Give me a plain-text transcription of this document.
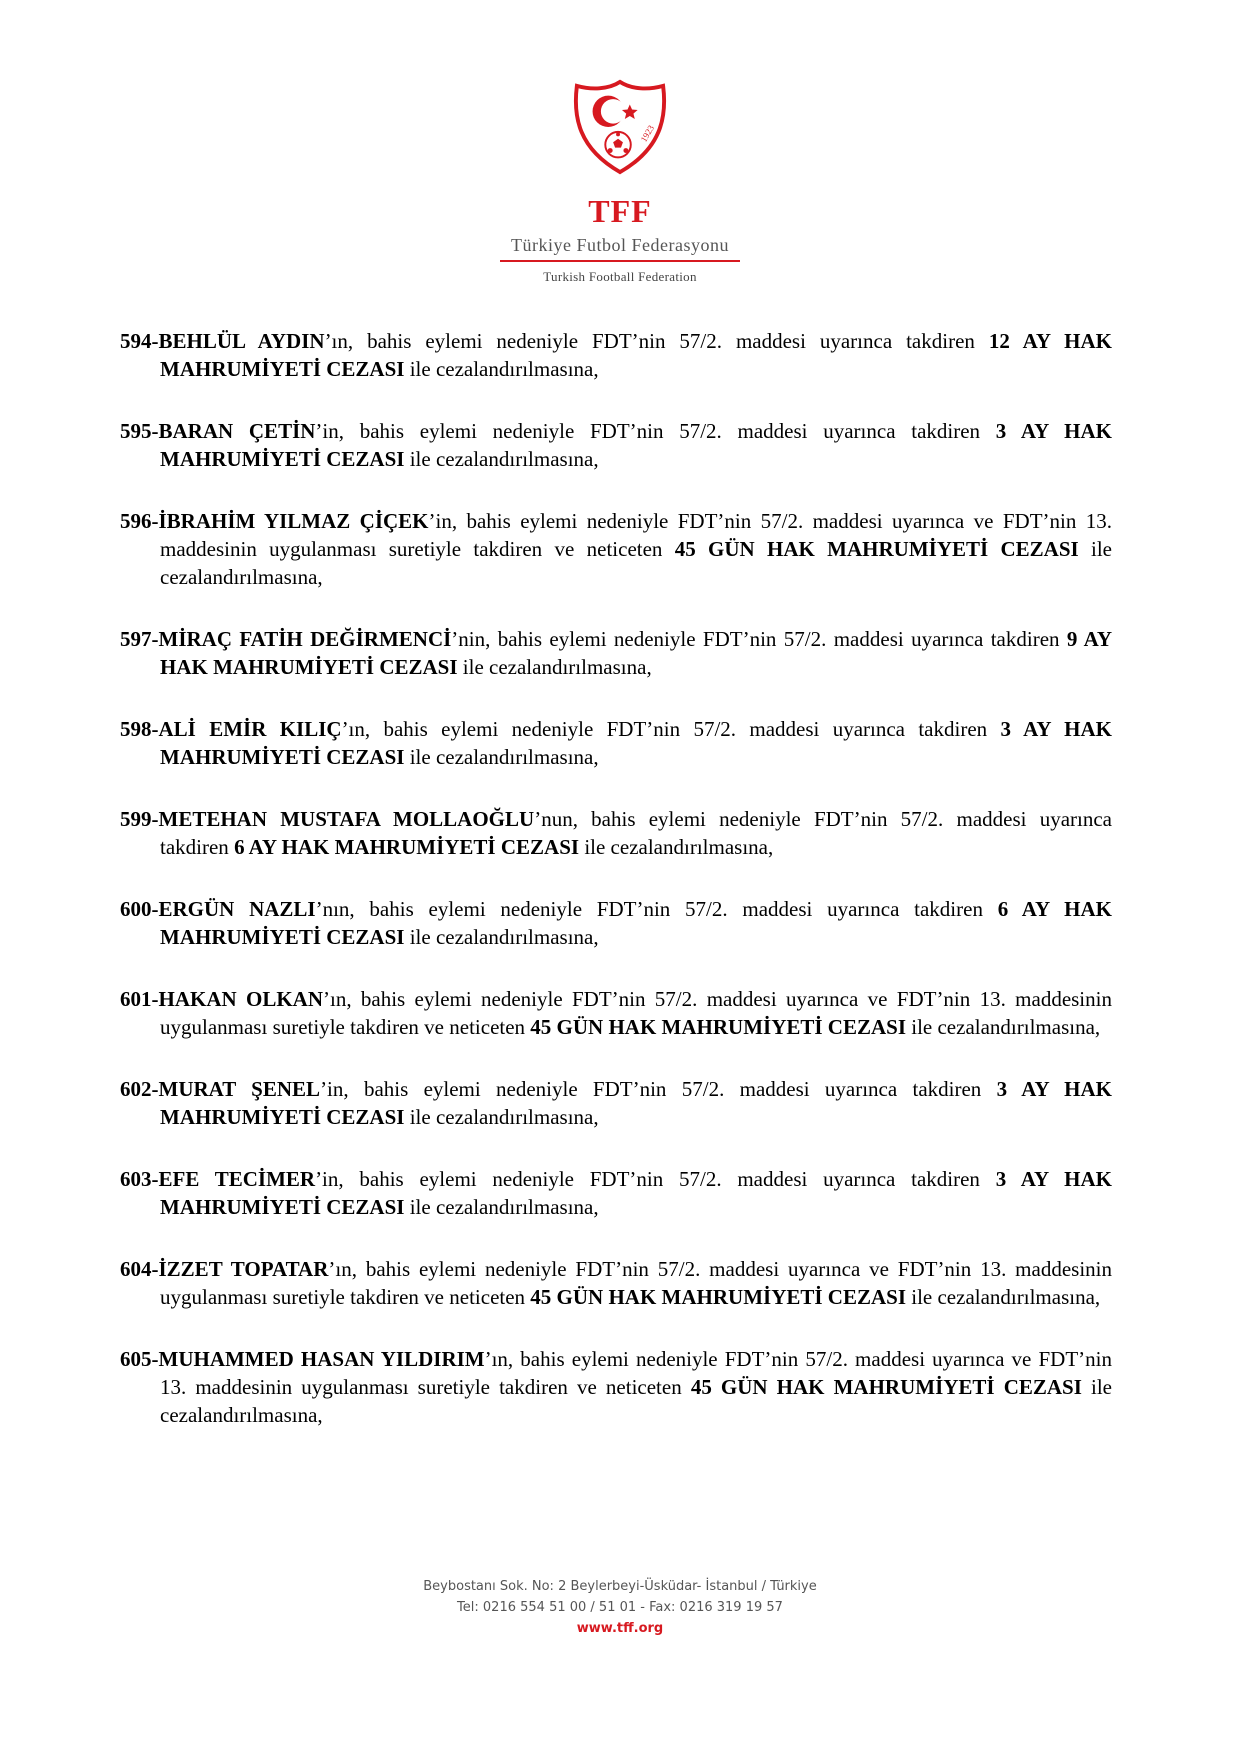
1923
TFF
Türkiye Futbol Federasyonu
Turkish Football Federation
594-BEHLÜL AYDIN’ın, bahis eylemi nedeniyle FDT’nin 57/2. maddesi uyarınca takdiren 12 AY HAK MAHRUMİYETİ CEZASI ile cezalandırılmasına,
595-BARAN ÇETİN’in, bahis eylemi nedeniyle FDT’nin 57/2. maddesi uyarınca takdiren 3 AY HAK MAHRUMİYETİ CEZASI ile cezalandırılmasına,
596-İBRAHİM YILMAZ ÇİÇEK’in, bahis eylemi nedeniyle FDT’nin 57/2. maddesi uyarınca ve FDT’nin 13. maddesinin uygulanması suretiyle takdiren ve neticeten 45 GÜN HAK MAHRUMİYETİ CEZASI ile cezalandırılmasına,
597-MİRAÇ FATİH DEĞİRMENCİ’nin, bahis eylemi nedeniyle FDT’nin 57/2. maddesi uyarınca takdiren 9 AY HAK MAHRUMİYETİ CEZASI ile cezalandırılmasına,
598-ALİ EMİR KILIÇ’ın, bahis eylemi nedeniyle FDT’nin 57/2. maddesi uyarınca takdiren 3 AY HAK MAHRUMİYETİ CEZASI ile cezalandırılmasına,
599-METEHAN MUSTAFA MOLLAOĞLU’nun, bahis eylemi nedeniyle FDT’nin 57/2. maddesi uyarınca takdiren 6 AY HAK MAHRUMİYETİ CEZASI ile cezalandırılmasına,
600-ERGÜN NAZLI’nın, bahis eylemi nedeniyle FDT’nin 57/2. maddesi uyarınca takdiren 6 AY HAK MAHRUMİYETİ CEZASI ile cezalandırılmasına,
601-HAKAN OLKAN’ın, bahis eylemi nedeniyle FDT’nin 57/2. maddesi uyarınca ve FDT’nin 13. maddesinin uygulanması suretiyle takdiren ve neticeten 45 GÜN HAK MAHRUMİYETİ CEZASI ile cezalandırılmasına,
602-MURAT ŞENEL’in, bahis eylemi nedeniyle FDT’nin 57/2. maddesi uyarınca takdiren 3 AY HAK MAHRUMİYETİ CEZASI ile cezalandırılmasına,
603-EFE TECİMER’in, bahis eylemi nedeniyle FDT’nin 57/2. maddesi uyarınca takdiren 3 AY HAK MAHRUMİYETİ CEZASI ile cezalandırılmasına,
604-İZZET TOPATAR’ın, bahis eylemi nedeniyle FDT’nin 57/2. maddesi uyarınca ve FDT’nin 13. maddesinin uygulanması suretiyle takdiren ve neticeten 45 GÜN HAK MAHRUMİYETİ CEZASI ile cezalandırılmasına,
605-MUHAMMED HASAN YILDIRIM’ın, bahis eylemi nedeniyle FDT’nin 57/2. maddesi uyarınca ve FDT’nin 13. maddesinin uygulanması suretiyle takdiren ve neticeten 45 GÜN HAK MAHRUMİYETİ CEZASI ile cezalandırılmasına,
Beybostanı Sok. No: 2 Beylerbeyi-Üsküdar- İstanbul / Türkiye
Tel: 0216 554 51 00 / 51 01 - Fax: 0216 319 19 57
www.tff.org
